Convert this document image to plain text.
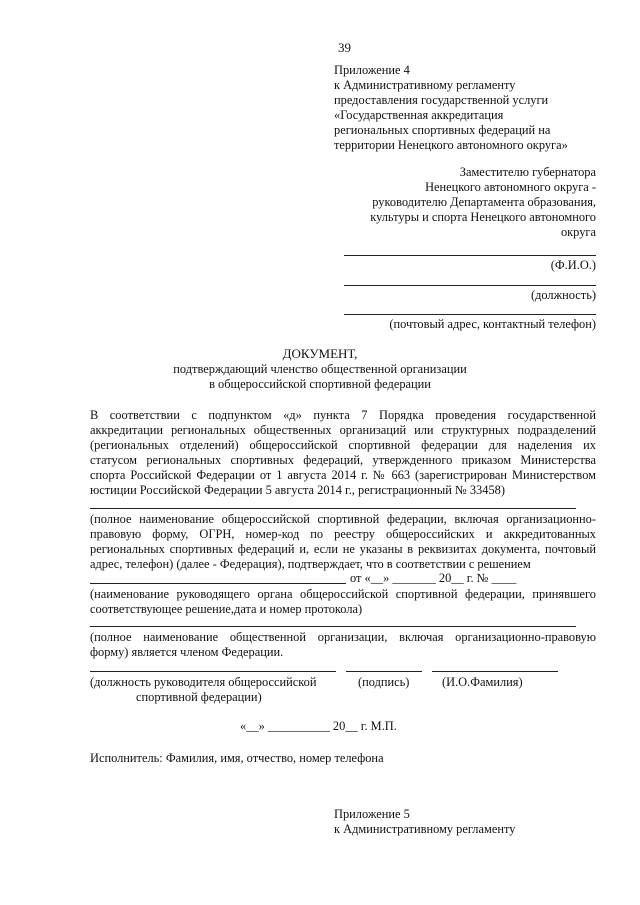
39
Приложение 4
к Административному регламенту
предоставления государственной услуги
«Государственная аккредитация
региональных спортивных федераций на
территории Ненецкого автономного округа»
Заместителю губернатора
Ненецкого автономного округа -
руководителю Департамента образования,
культуры и спорта Ненецкого автономного
округа
(Ф.И.О.)
(должность)
(почтовый адрес, контактный телефон)
ДОКУМЕНТ,
подтверждающий членство общественной организации
в общероссийской спортивной федерации
В соответствии с подпунктом «д» пункта 7 Порядка проведения государственной
аккредитации региональных общественных организаций или структурных подразделений
(региональных отделений) общероссийской спортивной федерации для наделения их
статусом региональных спортивных федераций, утвержденного приказом Министерства
спорта Российской Федерации от 1 августа 2014 г. № 663 (зарегистрирован Министерством
юстиции Российской Федерации 5 августа 2014 г., регистрационный № 33458)
(полное наименование общероссийской спортивной федерации, включая организационно-
правовую форму, ОГРН, номер-код по реестру общероссийских и аккредитованных
региональных спортивных федераций и, если не указаны в реквизитах документа, почтовый
адрес, телефон) (далее - Федерация), подтверждает, что в соответствии с решением
от «__» _______ 20__ г. № ____
(наименование руководящего органа общероссийской спортивной федерации, принявшего
соответствующее решение,дата и номер протокола)
(полное наименование общественной организации, включая организационно-правовую
форму) является членом Федерации.
(должность руководителя общероссийской
спортивной федерации)
(подпись)	(И.О.Фамилия)
«__» __________ 20__ г. М.П.
Исполнитель: Фамилия, имя, отчество, номер телефона
Приложение 5
к Административному регламенту
